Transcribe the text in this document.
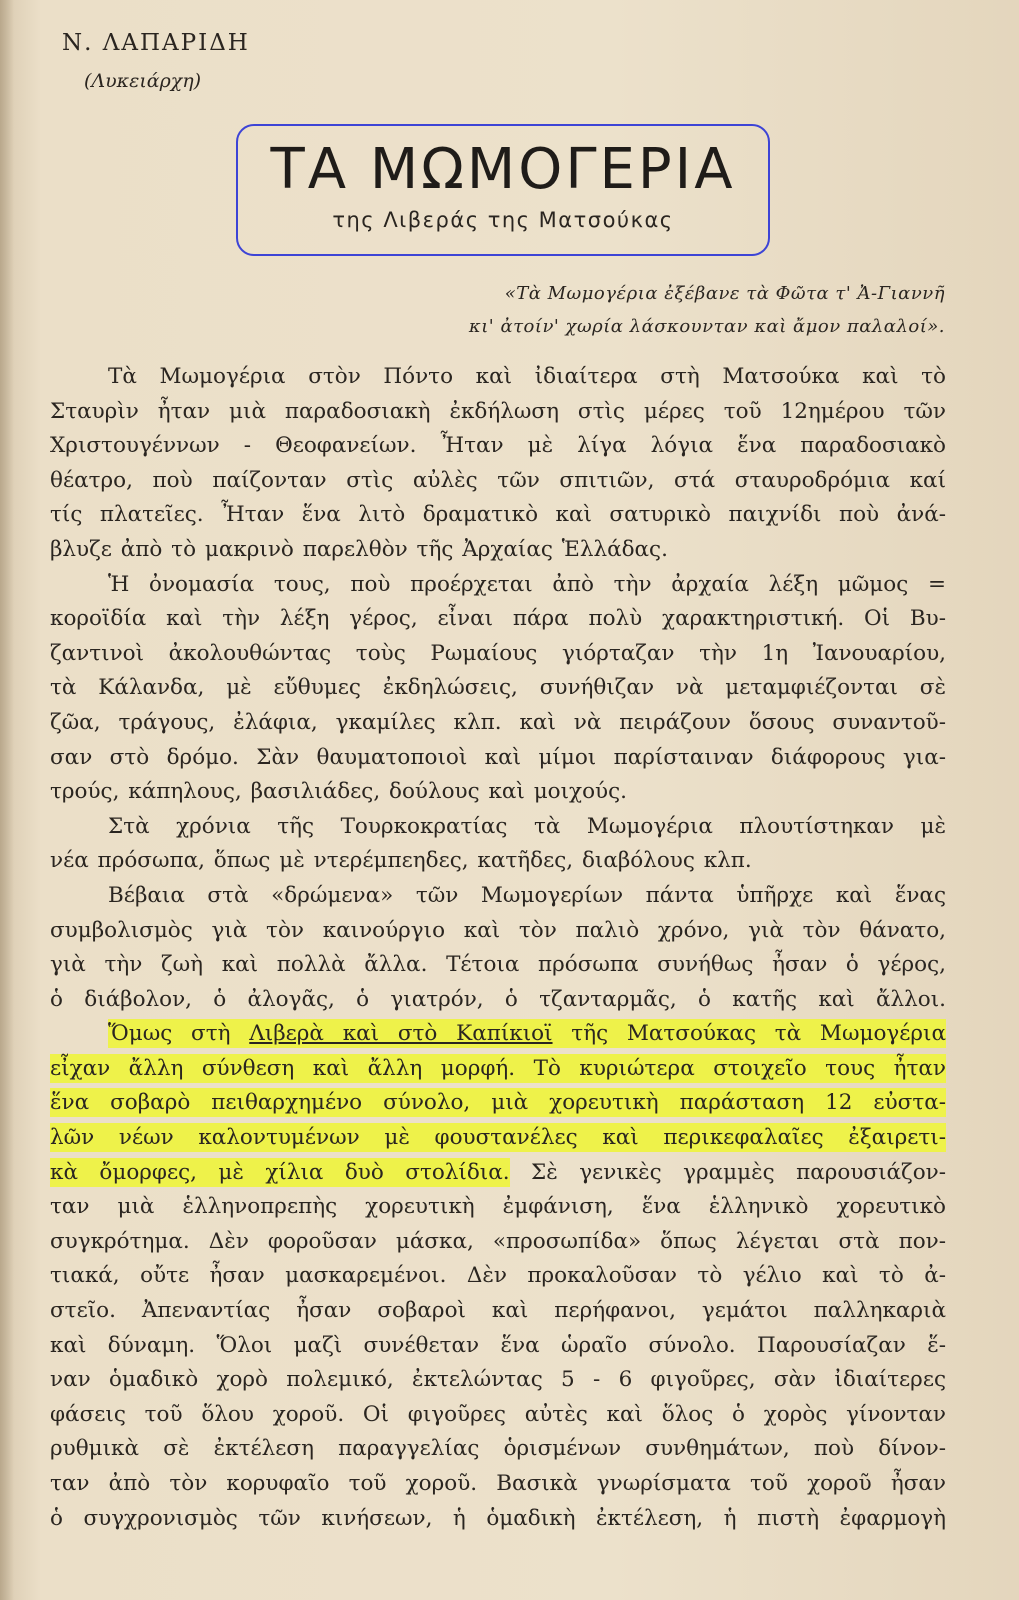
Ν. ΛΑΠΑΡΙΔΗ
(Λυκειάρχη)
ΤΑ ΜΩΜΟΓΕΡΙΑ
της Λιβεράς της Ματσούκας
«Τὰ Μωμογέρια ἐξέβανε τὰ Φῶτα τ' Ἀ-Γιαννῆ
κι' ἀτοίν' χωρία λάσκουνταν καὶ ἄμον παλαλοί».
Τὰ Μωμογέρια στὸν Πόντο καὶ ἰδιαίτερα στὴ Ματσούκα καὶ τὸ
Σταυρὶν ἦταν μιὰ παραδοσιακὴ ἐκδήλωση στὶς μέρες τοῦ 12ημέρου τῶν
Χριστουγέννων - Θεοφανείων. Ἦταν μὲ λίγα λόγια ἕνα παραδοσιακὸ
θέατρο, ποὺ παίζονταν στὶς αὐλὲς τῶν σπιτιῶν, στά σταυροδρόμια καί
τίς πλατεῖες. Ἦταν ἕνα λιτὸ δραματικὸ καὶ σατυρικὸ παιχνίδι ποὺ ἀνά-
βλυζε ἀπὸ τὸ μακρινὸ παρελθὸν τῆς Ἀρχαίας Ἑλλάδας.
Ἡ ὀνομασία τους, ποὺ προέρχεται ἀπὸ τὴν ἀρχαία λέξη μῶμος =
κοροϊδία καὶ τὴν λέξη γέρος, εἶναι πάρα πολὺ χαρακτηριστική. Οἱ Βυ-
ζαντινοὶ ἀκολουθώντας τοὺς Ρωμαίους γιόρταζαν τὴν 1η Ἰανουαρίου,
τὰ Κάλανδα, μὲ εὔθυμες ἐκδηλώσεις, συνήθιζαν νὰ μεταμφιέζονται σὲ
ζῶα, τράγους, ἐλάφια, γκαμίλες κλπ. καὶ νὰ πειράζουν ὅσους συναντοῦ-
σαν στὸ δρόμο. Σὰν θαυματοποιοὶ καὶ μίμοι παρίσταιναν διάφορους για-
τρούς, κάπηλους, βασιλιάδες, δούλους καὶ μοιχούς.
Στὰ χρόνια τῆς Τουρκοκρατίας τὰ Μωμογέρια πλουτίστηκαν μὲ
νέα πρόσωπα, ὅπως μὲ ντερέμπεηδες, κατῆδες, διαβόλους κλπ.
Βέβαια στὰ «δρώμενα» τῶν Μωμογερίων πάντα ὑπῆρχε καὶ ἕνας
συμβολισμὸς γιὰ τὸν καινούργιο καὶ τὸν παλιὸ χρόνο, γιὰ τὸν θάνατο,
γιὰ τὴν ζωὴ καὶ πολλὰ ἄλλα. Τέτοια πρόσωπα συνήθως ἦσαν ὁ γέρος,
ὁ διάβολον, ὁ ἀλογᾶς, ὁ γιατρόν, ὁ τζανταρμᾶς, ὁ κατῆς καὶ ἄλλοι.
Ὅμως στὴ Λιβερὰ καὶ στὸ Καπίκιοϊ τῆς Ματσούκας τὰ Μωμογέρια
εἶχαν ἄλλη σύνθεση καὶ ἄλλη μορφή. Τὸ κυριώτερα στοιχεῖο τους ἦταν
ἕνα σοβαρὸ πειθαρχημένο σύνολο, μιὰ χορευτικὴ παράσταση 12 εὐστα-
λῶν νέων καλοντυμένων μὲ φουστανέλες καὶ περικεφαλαῖες ἐξαιρετι-
κὰ ὄμορφες, μὲ χίλια δυὸ στολίδια. Σὲ γενικὲς γραμμὲς παρουσιάζον-
ταν μιὰ ἑλληνοπρεπὴς χορευτικὴ ἐμφάνιση, ἕνα ἑλληνικὸ χορευτικὸ
συγκρότημα. Δὲν φοροῦσαν μάσκα, «προσωπίδα» ὅπως λέγεται στὰ πον-
τιακά, οὔτε ἦσαν μασκαρεμένοι. Δὲν προκαλοῦσαν τὸ γέλιο καὶ τὸ ἀ-
στεῖο. Ἀπεναντίας ἦσαν σοβαροὶ καὶ περήφανοι, γεμάτοι παλληκαριὰ
καὶ δύναμη. Ὅλοι μαζὶ συνέθεταν ἕνα ὡραῖο σύνολο. Παρουσίαζαν ἕ-
ναν ὁμαδικὸ χορὸ πολεμικό, ἐκτελώντας 5 - 6 φιγοῦρες, σὰν ἰδιαίτερες
φάσεις τοῦ ὅλου χοροῦ. Οἱ φιγοῦρες αὐτὲς καὶ ὅλος ὁ χορὸς γίνονταν
ρυθμικὰ σὲ ἐκτέλεση παραγγελίας ὁρισμένων συνθημάτων, ποὺ δίνον-
ταν ἀπὸ τὸν κορυφαῖο τοῦ χοροῦ. Βασικὰ γνωρίσματα τοῦ χοροῦ ἦσαν
ὁ συγχρονισμὸς τῶν κινήσεων, ἡ ὁμαδικὴ ἐκτέλεση, ἡ πιστὴ ἐφαρμογὴ
